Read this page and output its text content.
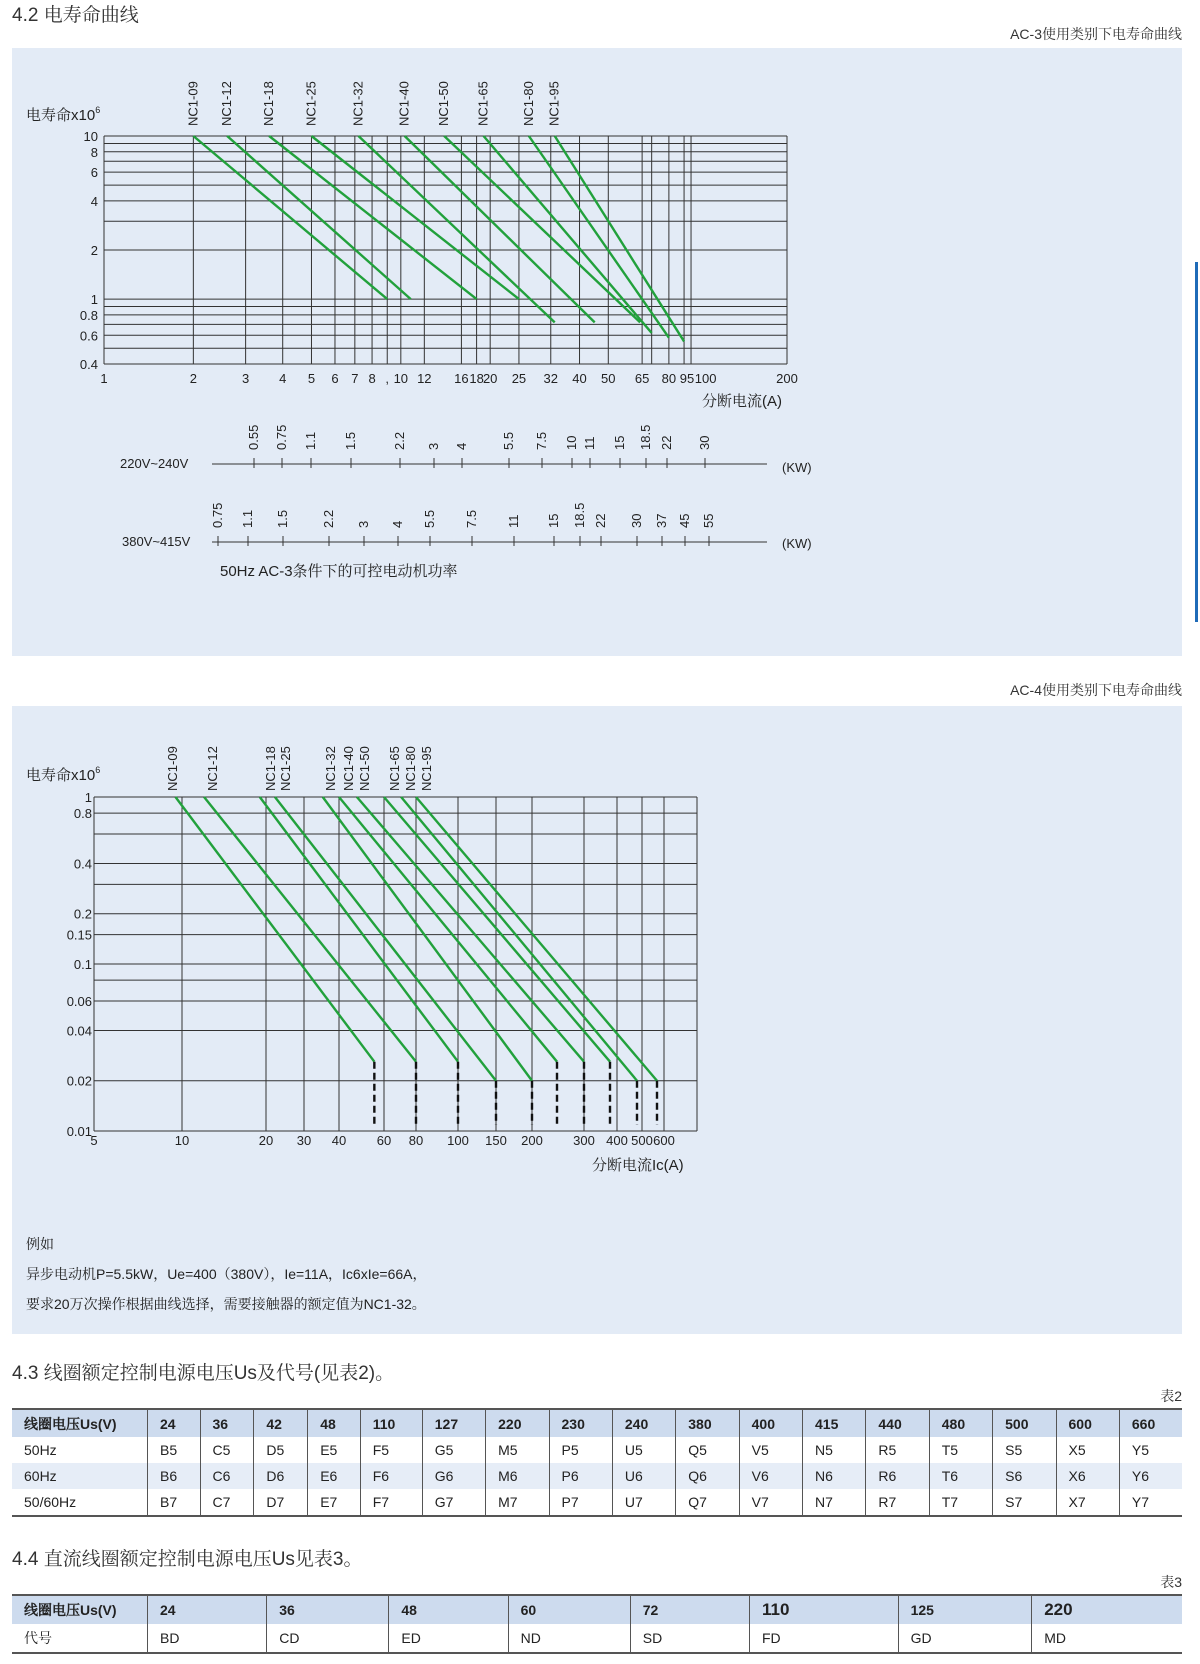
4.2 电寿命曲线
AC-3使用类别下电寿命曲线
10
8
6
4
2
1
0.8
0.6
0.4
1	2	3 4 5 6 7 8 , 10 12 16 18 20 25 32 40 50 65 80 95 100	200
电寿命$x10^6$
分断电流(A)
NC1-09 NC1-12 NC1-18 NC1-25 NC1-32 NC1-40 NC1-50 NC1-65 NC1-80 NC1-95
220V~240V	(KW)
0.55 0.75 1.1 1.5	2.2 3 4 5.5 7.5 10 11 15 18.5 22 30
380V~415V	(KW)
0.75 1.1 1.5 2.2 3 4 5.5 7.5 11 15 18.5 22 30 37 45 55
50Hz AC-3条件下的可控电动机功率
AC-4使用类别下电寿命曲线
1
0.8
0.4
0.2
0.15
0.1
0.06
0.04
0.02
0.01
5	10	20 30 40 60 80 100 150 200 300 400 500 600
电寿命$x10^6$
分断电流Ic(A)
NC1-09 NC1-12	NC1-18 NC1-25 NC1-32 NC1-40 NC1-50 NC1-65 NC1-80 NC1-95
例如
异步电动机P=5.5kW，Ue=400（380V），Ie=11A，Ic6xIe=66A，
要求20万次操作根据曲线选择，需要接触器的额定值为NC1-32。
4.3 线圈额定控制电源电压Us及代号(见表2)。
表2
线圈电压Us(V)	24	36	42	48	110	127	220	230	240	380	400	415	440	480	500	600	660
50Hz	B5	C5	D5	E5	F5	G5	M5	P5	U5	Q5	V5	N5	R5	T5	S5	X5	Y5
60Hz	B6	C6	D6	E6	F6	G6	M6	P6	U6	Q6	V6	N6	R6	T6	S6	X6	Y6
50/60Hz	B7	C7	D7	E7	F7	G7	M7	P7	U7	Q7	V7	N7	R7	T7	S7	X7	Y7
4.4 直流线圈额定控制电源电压Us见表3。
表3
线圈电压Us(V)	24	36	48	60	72	110	125	220
代号	BD	CD	ED	ND	SD	FD	GD	MD
